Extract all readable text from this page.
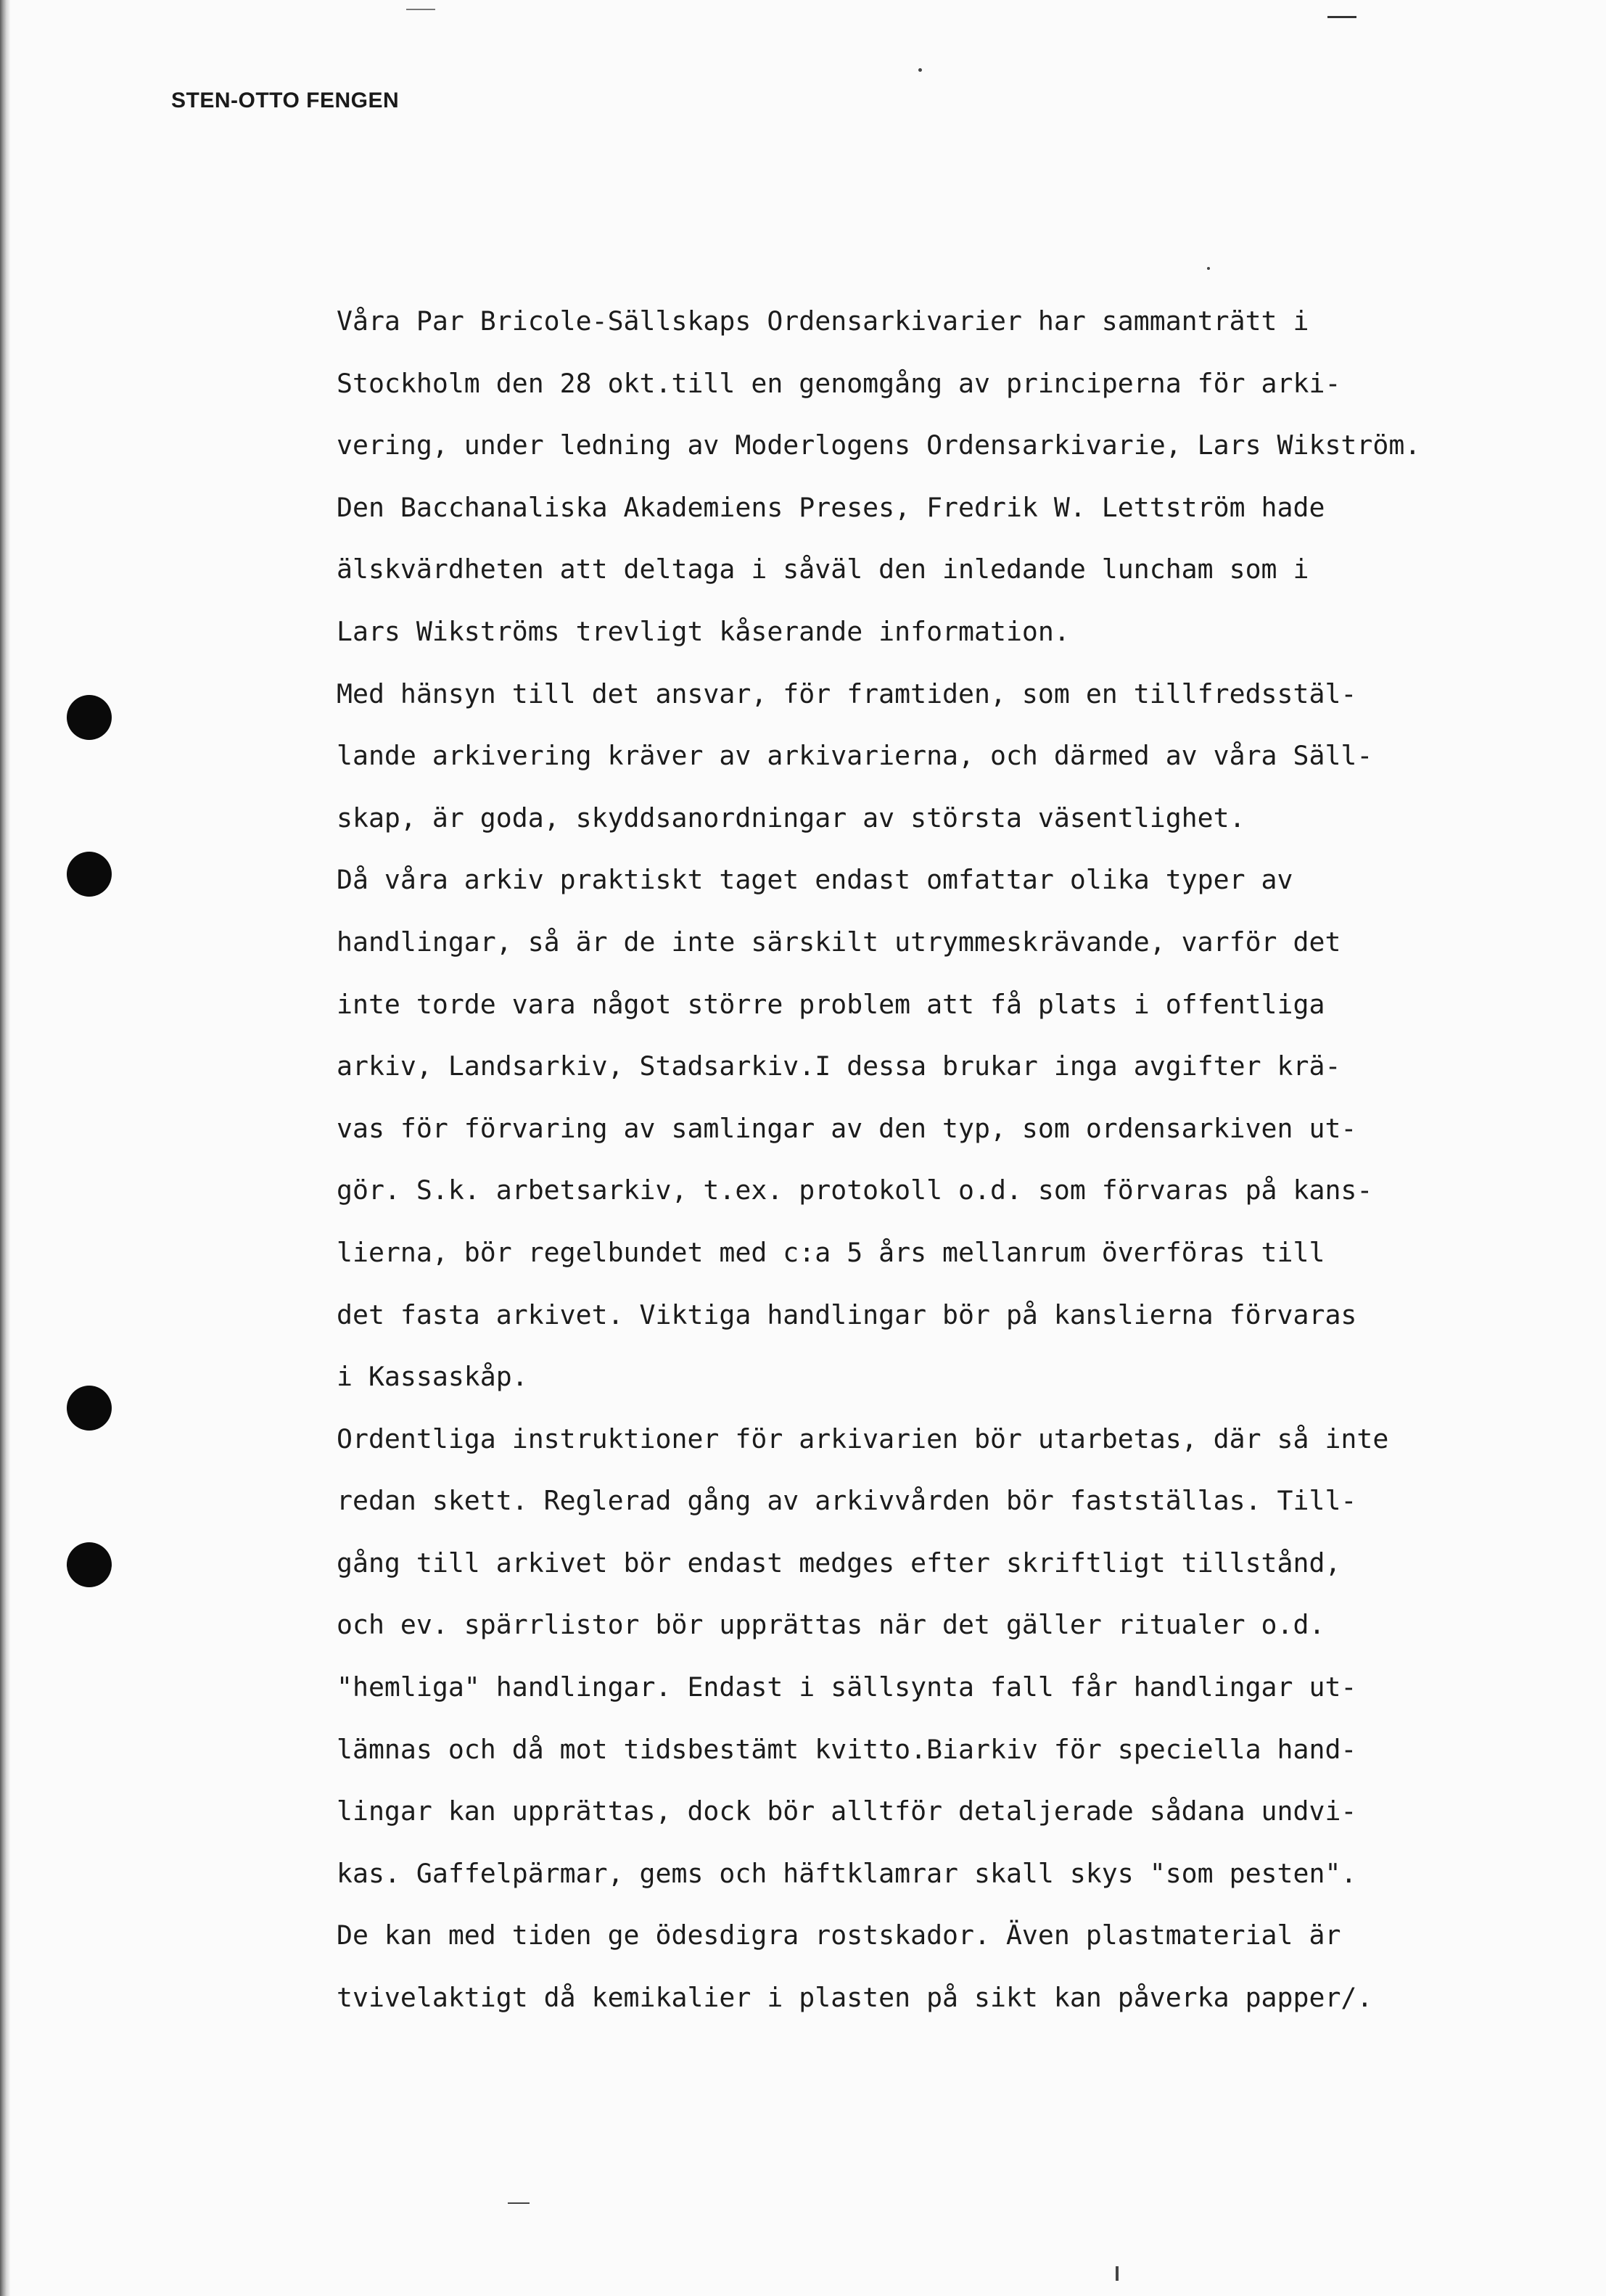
STEN-OTTO FENGEN
Våra Par Bricole-Sällskaps Ordensarkivarier har sammanträtt i
Stockholm den 28 okt.till en genomgång av principerna för arki-
vering, under ledning av Moderlogens Ordensarkivarie, Lars Wikström.
Den Bacchanaliska Akademiens Preses, Fredrik W. Lettström hade
älskvärdheten att deltaga i såväl den inledande luncham som i
Lars Wikströms trevligt kåserande information.
Med hänsyn till det ansvar, för framtiden, som en tillfredsstäl-
lande arkivering kräver av arkivarierna, och därmed av våra Säll-
skap, är goda, skyddsanordningar av största väsentlighet.
Då våra arkiv praktiskt taget endast omfattar olika typer av
handlingar, så är de inte särskilt utrymmeskrävande, varför det
inte torde vara något större problem att få plats i offentliga
arkiv, Landsarkiv, Stadsarkiv.I dessa brukar inga avgifter krä-
vas för förvaring av samlingar av den typ, som ordensarkiven ut-
gör. S.k. arbetsarkiv, t.ex. protokoll o.d. som förvaras på kans-
lierna, bör regelbundet med c:a 5 års mellanrum överföras till
det fasta arkivet. Viktiga handlingar bör på kanslierna förvaras
i Kassaskåp.
Ordentliga instruktioner för arkivarien bör utarbetas, där så inte
redan skett. Reglerad gång av arkivvården bör fastställas. Till-
gång till arkivet bör endast medges efter skriftligt tillstånd,
och ev. spärrlistor bör upprättas när det gäller ritualer o.d.
"hemliga" handlingar. Endast i sällsynta fall får handlingar ut-
lämnas och då mot tidsbestämt kvitto.Biarkiv för speciella hand-
lingar kan upprättas, dock bör alltför detaljerade sådana undvi-
kas. Gaffelpärmar, gems och häftklamrar skall skys "som pesten".
De kan med tiden ge ödesdigra rostskador. Även plastmaterial är
tvivelaktigt då kemikalier i plasten på sikt kan påverka papper/.
